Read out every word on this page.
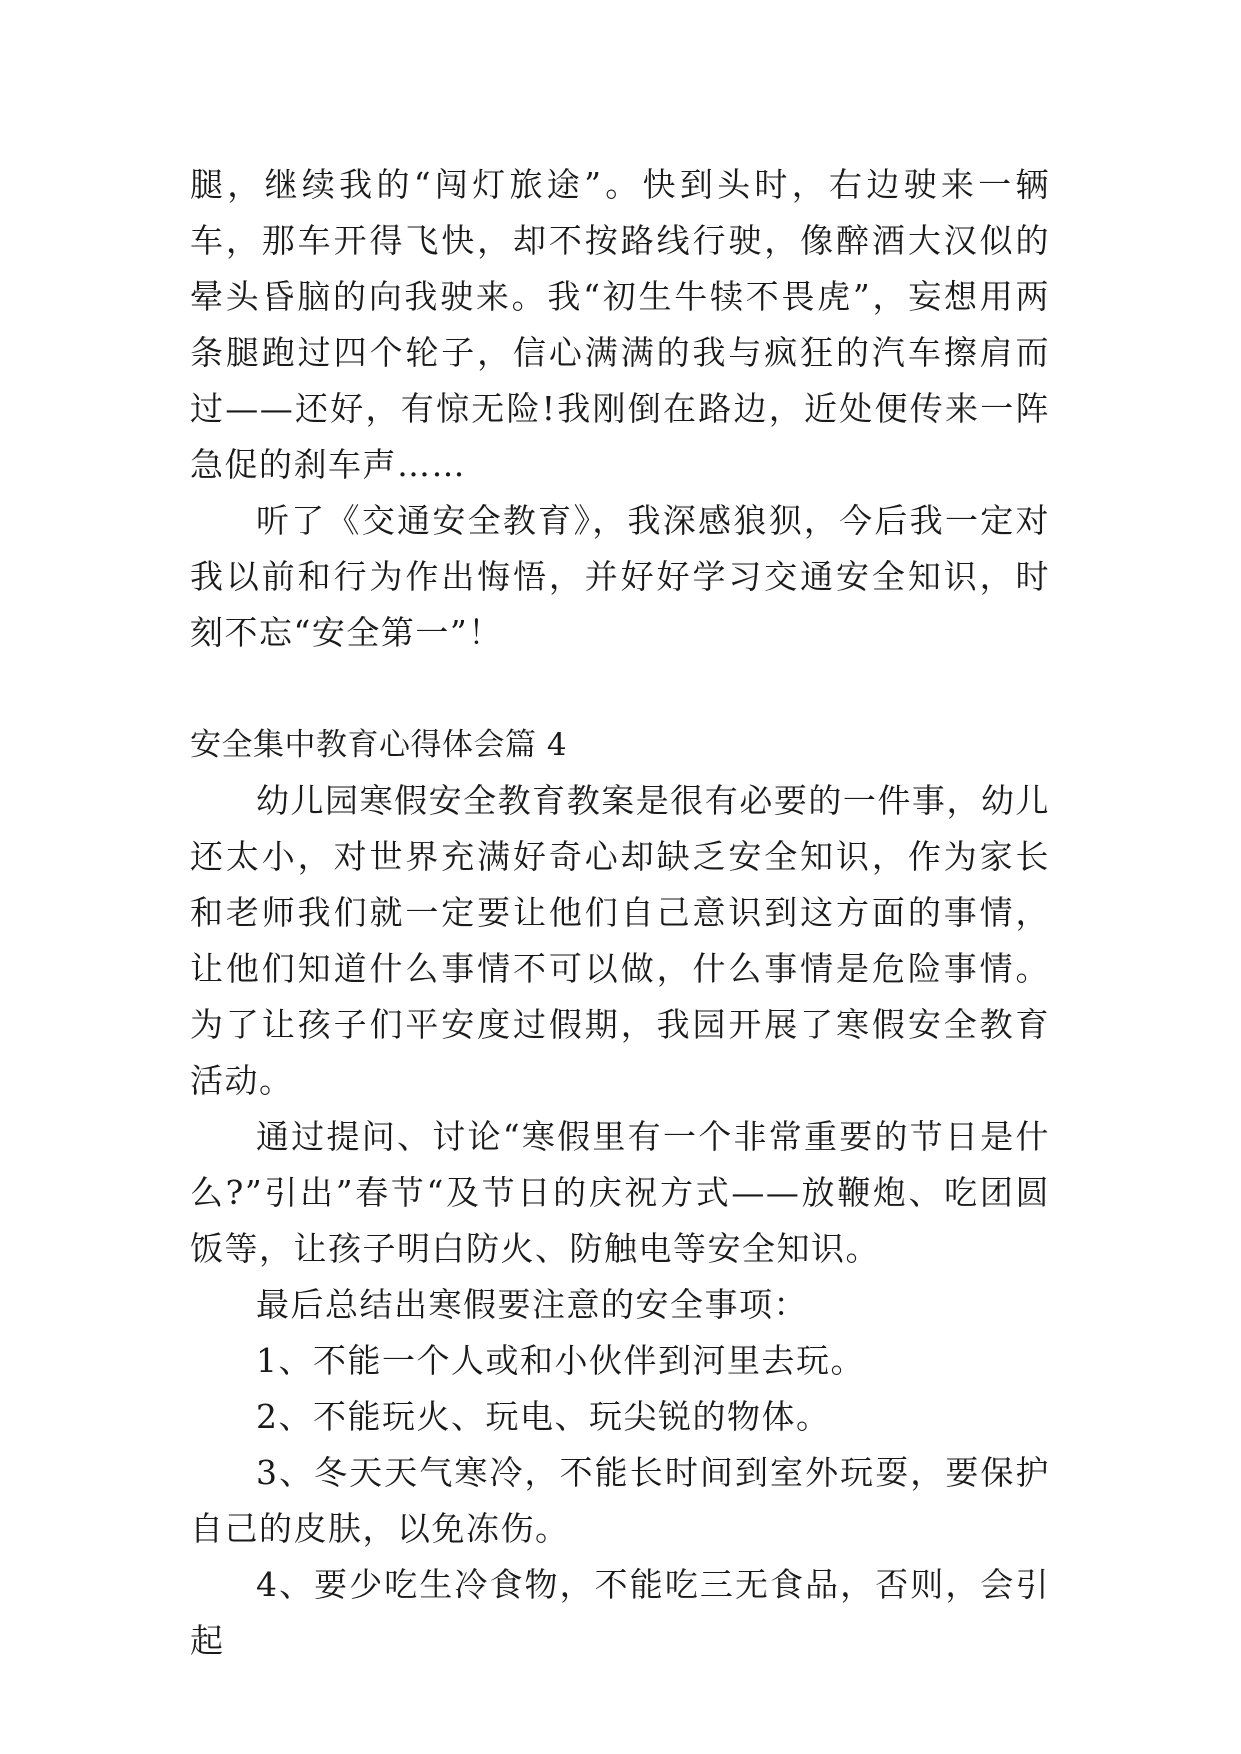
腿，继续我的“闯灯旅途”。快到头时，右边驶来一辆车，那车开得飞快，却不按路线行驶，像醉酒大汉似的晕头昏脑的向我驶来。我“初生牛犊不畏虎”，妄想用两条腿跑过四个轮子，信心满满的我与疯狂的汽车擦肩而过——还好，有惊无险!我刚倒在路边，近处便传来一阵急促的刹车声……

听了《交通安全教育》，我深感狼狈，今后我一定对我以前和行为作出悔悟，并好好学习交通安全知识，时刻不忘“安全第一”！

安全集中教育心得体会篇 4

幼儿园寒假安全教育教案是很有必要的一件事，幼儿还太小，对世界充满好奇心却缺乏安全知识，作为家长和老师我们就一定要让他们自己意识到这方面的事情，让他们知道什么事情不可以做，什么事情是危险事情。为了让孩子们平安度过假期，我园开展了寒假安全教育活动。

通过提问、讨论“寒假里有一个非常重要的节日是什么?”引出”春节“及节日的庆祝方式——放鞭炮、吃团圆饭等，让孩子明白防火、防触电等安全知识。

最后总结出寒假要注意的安全事项：

1、不能一个人或和小伙伴到河里去玩。

2、不能玩火、玩电、玩尖锐的物体。

3、冬天天气寒冷，不能长时间到室外玩耍，要保护自己的皮肤，以免冻伤。

4、要少吃生冷食物，不能吃三无食品，否则，会引起
